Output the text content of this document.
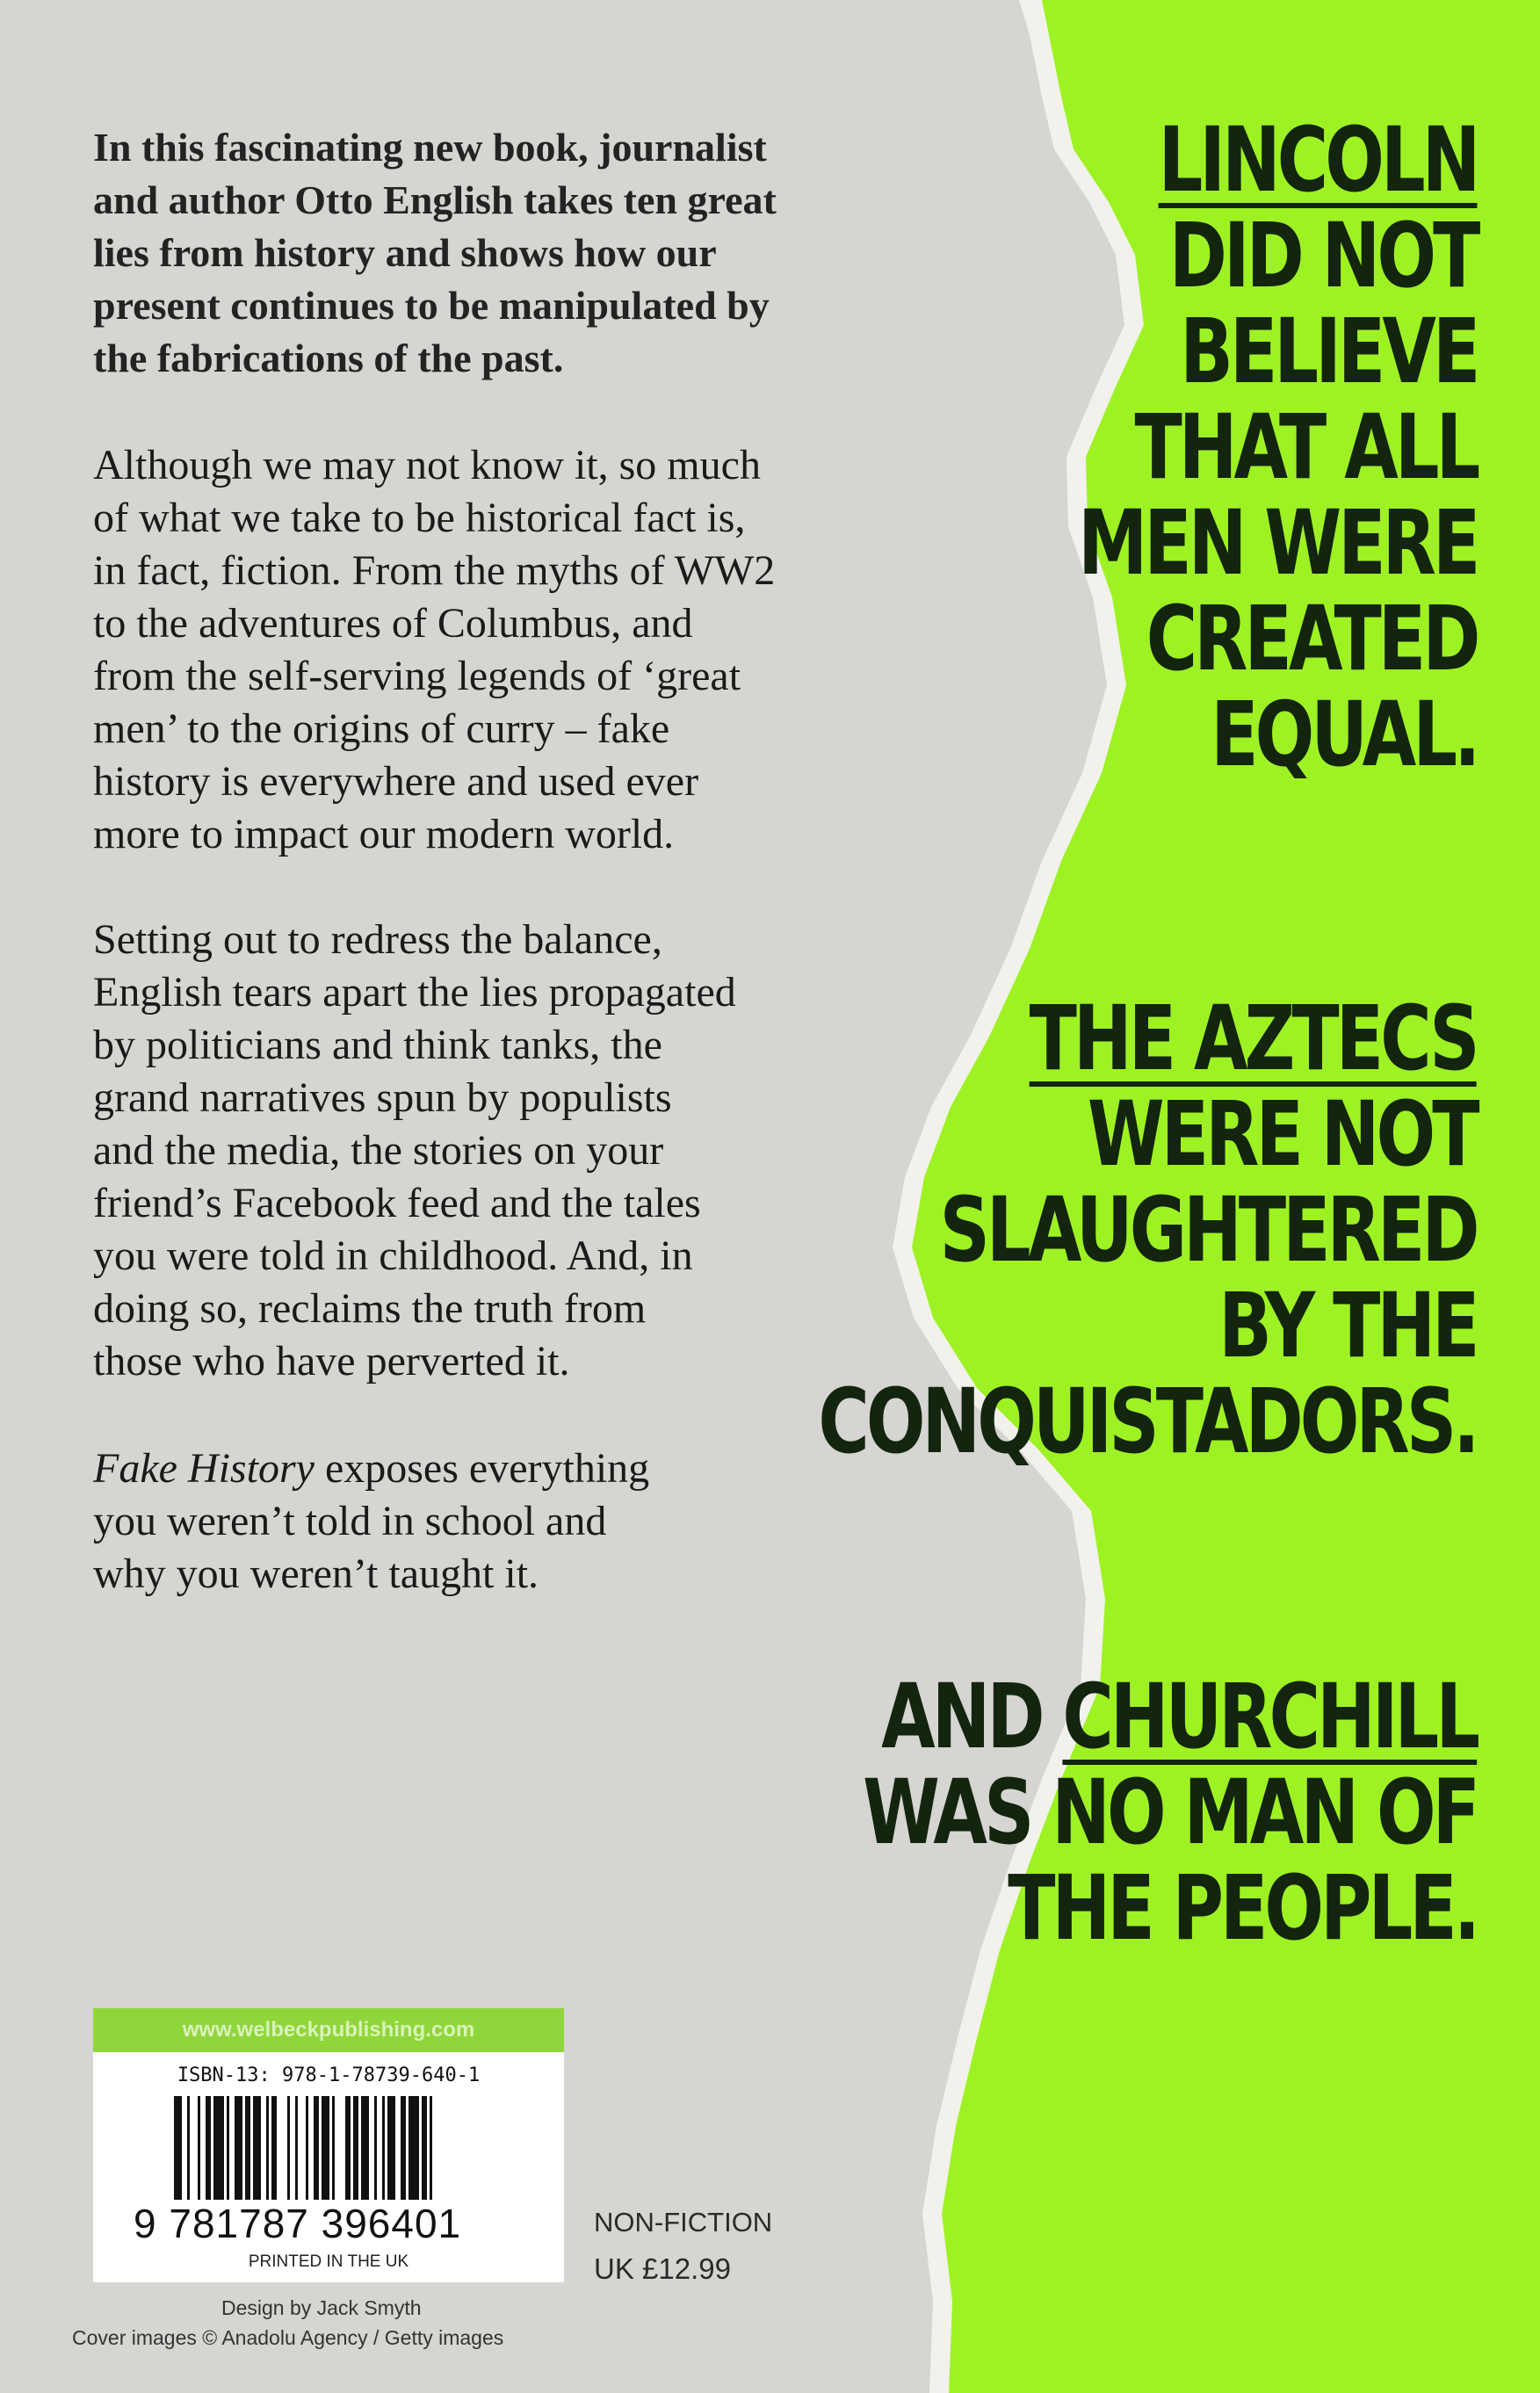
In this fascinating new book, journalist
and author Otto English takes ten great
lies from history and shows how our
present continues to be manipulated by
the fabrications of the past.

Although we may not know it, so much
of what we take to be historical fact is,
in fact, fiction. From the myths of WW2
to the adventures of Columbus, and
from the self-serving legends of ‘great
men’ to the origins of curry – fake
history is everywhere and used ever
more to impact our modern world.

Setting out to redress the balance,
English tears apart the lies propagated
by politicians and think tanks, the
grand narratives spun by populists
and the media, the stories on your
friend’s Facebook feed and the tales
you were told in childhood. And, in
doing so, reclaims the truth from
those who have perverted it.

Fake History exposes everything
you weren’t told in school and
why you weren’t taught it.

LINCOLN
DID NOT
BELIEVE
THAT ALL
MEN WERE
CREATED
EQUAL.
THE AZTECS
WERE NOT
SLAUGHTERED
BY THE
CONQUISTADORS.
AND CHURCHILL
WAS NO MAN OF
THE PEOPLE.
www.welbeckpublishing.com
ISBN-13: 978-1-78739-640-1
9 781787 396401
PRINTED IN THE UK
NON-FICTION
UK £12.99
Design by Jack Smyth
Cover images © Anadolu Agency / Getty images
